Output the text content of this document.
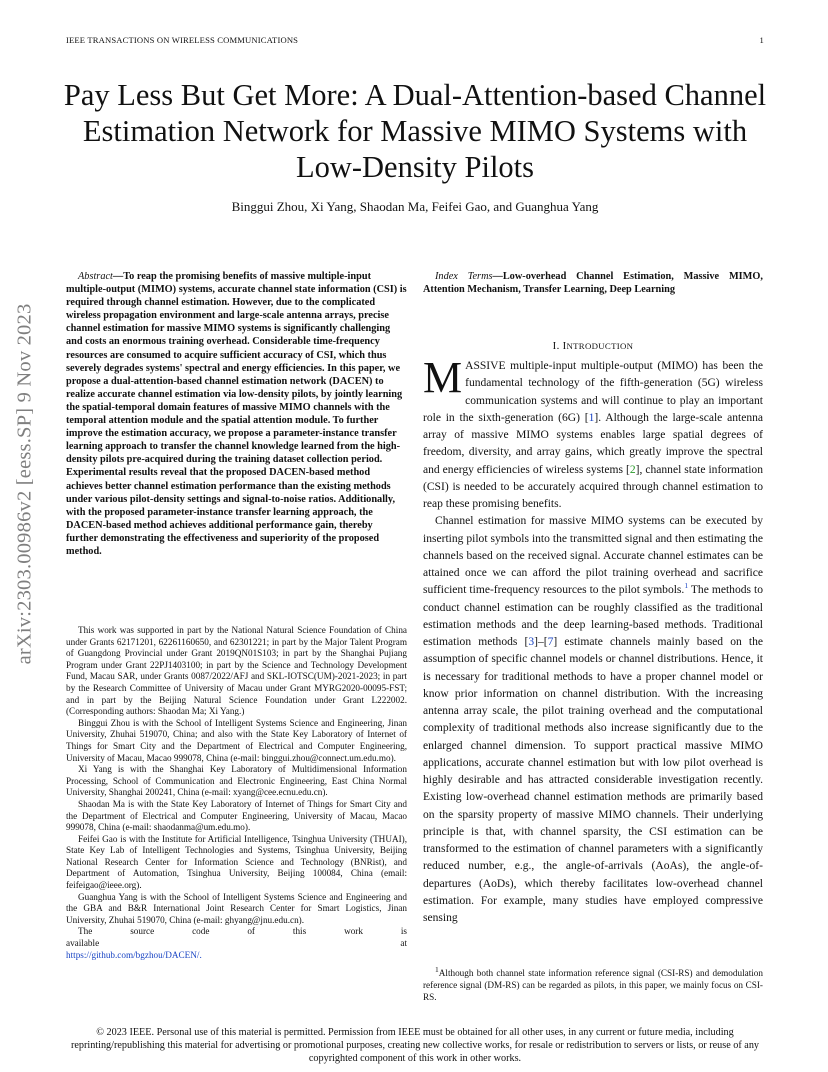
IEEE TRANSACTIONS ON WIRELESS COMMUNICATIONS	1
Pay Less But Get More: A Dual-Attention-based Channel Estimation Network for Massive MIMO Systems with Low-Density Pilots
Binggui Zhou, Xi Yang, Shaodan Ma, Feifei Gao, and Guanghua Yang
arXiv:2303.00986v2 [eess.SP] 9 Nov 2023
Abstract—To reap the promising benefits of massive multiple-input multiple-output (MIMO) systems, accurate channel state information (CSI) is required through channel estimation. However, due to the complicated wireless propagation environment and large-scale antenna arrays, precise channel estimation for massive MIMO systems is significantly challenging and costs an enormous training overhead. Considerable time-frequency resources are consumed to acquire sufficient accuracy of CSI, which thus severely degrades systems' spectral and energy efficiencies. In this paper, we propose a dual-attention-based channel estimation network (DACEN) to realize accurate channel estimation via low-density pilots, by jointly learning the spatial-temporal domain features of massive MIMO channels with the temporal attention module and the spatial attention module. To further improve the estimation accuracy, we propose a parameter-instance transfer learning approach to transfer the channel knowledge learned from the high-density pilots pre-acquired during the training dataset collection period. Experimental results reveal that the proposed DACEN-based method achieves better channel estimation performance than the existing methods under various pilot-density settings and signal-to-noise ratios. Additionally, with the proposed parameter-instance transfer learning approach, the DACEN-based method achieves additional performance gain, thereby further demonstrating the effectiveness and superiority of the proposed method.

This work was supported in part by the National Natural Science Foundation of China under Grants 62171201, 62261160650, and 62301221; in part by the Major Talent Program of Guangdong Provincial under Grant 2019QN01S103; in part by the Shanghai Pujiang Program under Grant 22PJ1403100; in part by the Science and Technology Development Fund, Macau SAR, under Grants 0087/2022/AFJ and SKL-IOTSC(UM)-2021-2023; in part by the Research Committee of University of Macau under Grant MYRG2020-00095-FST; and in part by the Beijing Natural Science Foundation under Grant L222002. (Corresponding authors: Shaodan Ma; Xi Yang.)

Binggui Zhou is with the School of Intelligent Systems Science and Engineering, Jinan University, Zhuhai 519070, China; and also with the State Key Laboratory of Internet of Things for Smart City and the Department of Electrical and Computer Engineering, University of Macau, Macao 999078, China (e-mail: binggui.zhou@connect.um.edu.mo).

Xi Yang is with the Shanghai Key Laboratory of Multidimensional Information Processing, School of Communication and Electronic Engineering, East China Normal University, Shanghai 200241, China (e-mail: xyang@cee.ecnu.edu.cn).

Shaodan Ma is with the State Key Laboratory of Internet of Things for Smart City and the Department of Electrical and Computer Engineering, University of Macau, Macao 999078, China (e-mail: shaodanma@um.edu.mo).

Feifei Gao is with the Institute for Artificial Intelligence, Tsinghua University (THUAI), State Key Lab of Intelligent Technologies and Systems, Tsinghua University, Beijing National Research Center for Information Science and Technology (BNRist), and Department of Automation, Tsinghua University, Beijing 100084, China (email: feifeigao@ieee.org).

Guanghua Yang is with the School of Intelligent Systems Science and Engineering and the GBA and B&R International Joint Research Center for Smart Logistics, Jinan University, Zhuhai 519070, China (e-mail: ghyang@jnu.edu.cn).

The source code of this work is available at

https://github.com/bgzhou/DACEN/.

Index Terms—Low-overhead Channel Estimation, Massive MIMO, Attention Mechanism, Transfer Learning, Deep Learning
I. INTRODUCTION

MASSIVE multiple-input multiple-output (MIMO) has been the fundamental technology of the fifth-generation (5G) wireless communication systems and will continue to play an important role in the sixth-generation (6G) [1]. Although the large-scale antenna array of massive MIMO systems enables large spatial degrees of freedom, diversity, and array gains, which greatly improve the spectral and energy efficiencies of wireless systems [2], channel state information (CSI) is needed to be accurately acquired through channel estimation to reap these promising benefits.

Channel estimation for massive MIMO systems can be executed by inserting pilot symbols into the transmitted signal and then estimating the channels based on the received signal. Accurate channel estimates can be attained once we can afford the pilot training overhead and sacrifice sufficient time-frequency resources to the pilot symbols.$^1$ The methods to conduct channel estimation can be roughly classified as the traditional estimation methods and the deep learning-based methods. Traditional estimation methods [3]–[7] estimate channels mainly based on the assumption of specific channel models or channel distributions. Hence, it is necessary for traditional methods to have a proper channel model or know prior information on channel distribution. With the increasing antenna array scale, the pilot training overhead and the computational complexity of traditional methods also increase significantly due to the enlarged channel dimension. To support practical massive MIMO applications, accurate channel estimation but with low pilot overhead is highly desirable and has attracted considerable investigation recently. Existing low-overhead channel estimation methods are primarily based on the sparsity property of massive MIMO channels. Their underlying principle is that, with channel sparsity, the CSI estimation can be transformed to the estimation of channel parameters with a significantly reduced number, e.g., the angle-of-arrivals (AoAs), the angle-of-departures (AoDs), which thereby facilitates low-overhead channel estimation. For example, many studies have employed compressive sensing

$^1$Although both channel state information reference signal (CSI-RS) and demodulation reference signal (DM-RS) can be regarded as pilots, in this paper, we mainly focus on CSI-RS.
© 2023 IEEE. Personal use of this material is permitted. Permission from IEEE must be obtained for all other uses, in any current or future media, including reprinting/republishing this material for advertising or promotional purposes, creating new collective works, for resale or redistribution to servers or lists, or reuse of any copyrighted component of this work in other works.
